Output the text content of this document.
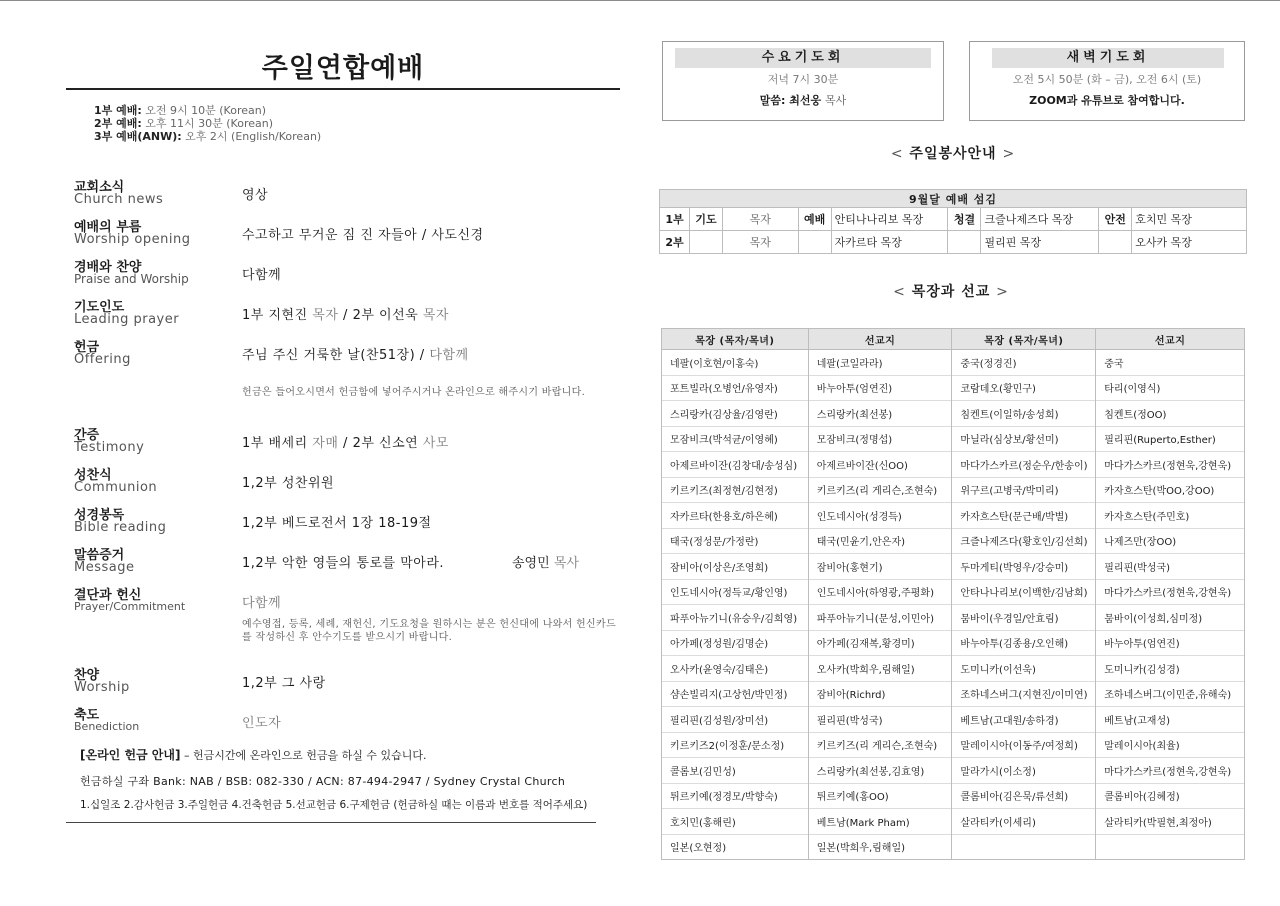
주일연합예배
1부 예배: 오전 9시 10분 (Korean)
2부 예배: 오후 11시 30분 (Korean)
3부 예배(ANW): 오후 2시 (English/Korean)
교회소식
Church news	영상
예배의 부름
Worship opening	수고하고 무거운 짐 진 자들아 / 사도신경
경배와 찬양
Praise and Worship	다함께
기도인도
Leading prayer	1부 지현진 목자 / 2부 이선욱 목자
헌금
Offering	주님 주신 거룩한 날(찬51장) / 다함께
헌금은 들어오시면서 헌금함에 넣어주시거나 온라인으로 해주시기 바랍니다.
간증
Testimony	1부 배세리 자매 / 2부 신소연 사모
성찬식
Communion	1,2부 성찬위원
성경봉독
Bible reading	1,2부 베드로전서 1장 18-19절
말씀증거
Message	1,2부 악한 영들의 통로를 막아라.	송영민 목사
결단과 헌신
Prayer/Commitment	다함께
예수영접, 등록, 세례, 재헌신, 기도요청을 원하시는 분은 헌신대에 나와서 헌신카드를 작성하신 후 안수기도를 받으시기 바랍니다.
찬양
Worship	1,2부 그 사랑
축도
Benediction	인도자
[온라인 헌금 안내] – 헌금시간에 온라인으로 헌금을 하실 수 있습니다.
헌금하실 구좌 Bank: NAB / BSB: 082-330 / ACN: 87-494-2947 / Sydney Crystal Church
1.십일조 2.감사헌금 3.주일헌금 4.건축헌금 5.선교헌금 6.구제헌금 (헌금하실 때는 이름과 번호를 적어주세요)
수요기도회
저녁 7시 30분
말씀: 최선웅 목사
새벽기도회
오전 5시 50분 (화 – 금), 오전 6시 (토)
ZOOM과 유튜브로 참여합니다.
< 주일봉사안내 >
9월달 예배 섬김								
1부	기도	목자	예배	안티나나리보 목장	청결	크즐나제즈다 목장	안전	호치민 목장
2부		목자		자카르타 목장		필리핀 목장		오사카 목장
< 목장과 선교 >
목장 (목자/목녀)	선교지	목장 (목자/목녀)	선교지
네팔(이호현/이홍숙)	네팔(코일라라)	중국(정경진)	중국
포트빌라(오병언/유영자)	바누아투(엄연진)	코람데오(황민구)	타리(이영식)
스리랑카(김상율/김영란)	스리랑카(최선봉)	침켄트(이일하/송성희)	침켄트(정OO)
모잠비크(박석균/이영혜)	모잠비크(정명섭)	마닐라(심상보/황선미)	필리핀(Ruperto,Esther)
아제르바이잔(김창대/송성심)	아제르바이잔(신OO)	마다가스카르(정순우/한송이)	마다가스카르(정현욱,강현욱)
키르키즈(최정현/김현정)	키르키즈(리 게리슨,조현숙)	위구르(고병국/박미리)	카자흐스탄(박OO,강OO)
자카르타(한용호/하은혜)	인도네시아(성경득)	카자흐스탄(문근배/박별)	카자흐스탄(주민호)
태국(정성문/가정란)	태국(민윤기,안은자)	크즐나제즈다(황호인/김선희)	나제즈만(장OO)
잠비아(이상은/조영희)	잠비아(홍현기)	두마게티(박영우/강승미)	필리핀(박성국)
인도네시아(정득교/황인영)	인도네시아(하영광,주평화)	안타나나리보(이백한/김남희)	마다가스카르(정현욱,강현욱)
파푸아뉴기니(유승우/김희영)	파푸아뉴기니(문성,이민아)	뭄바이(우경일/안효림)	뭄바이(이성희,심미정)
아가페(정성원/김명순)	아가페(김재복,황경미)	바누아투(김종용/오인해)	바누아투(엄연진)
오사카(윤영숙/김태은)	오사카(박희우,림해일)	도미니카(이선욱)	도미니카(김성경)
샴손빌리지(고상헌/박민정)	잠비아(Richrd)	조하네스버그(지현진/이미연)	조하네스버그(이민준,유해숙)
필리핀(김성원/장미선)	필리핀(박성국)	베트남(고대원/송하경)	베트남(고재성)
키르키즈2(이정훈/문소정)	키르키즈(리 게리슨,조현숙)	말레이시아(이동주/여정희)	말레이시아(최율)
콜롬보(김민성)	스리랑카(최선봉,김효영)	말라가시(이소정)	마다가스카르(정현욱,강현욱)
튀르키예(정경모/박향숙)	튀르키예(홍OO)	콜롬비아(김은묵/류선희)	콜롬비아(김혜정)
호치민(홍해린)	베트남(Mark Pham)	살라티카(이세리)	살라티카(박필현,최정아)
일본(오현정)	일본(박희우,림해일)		
